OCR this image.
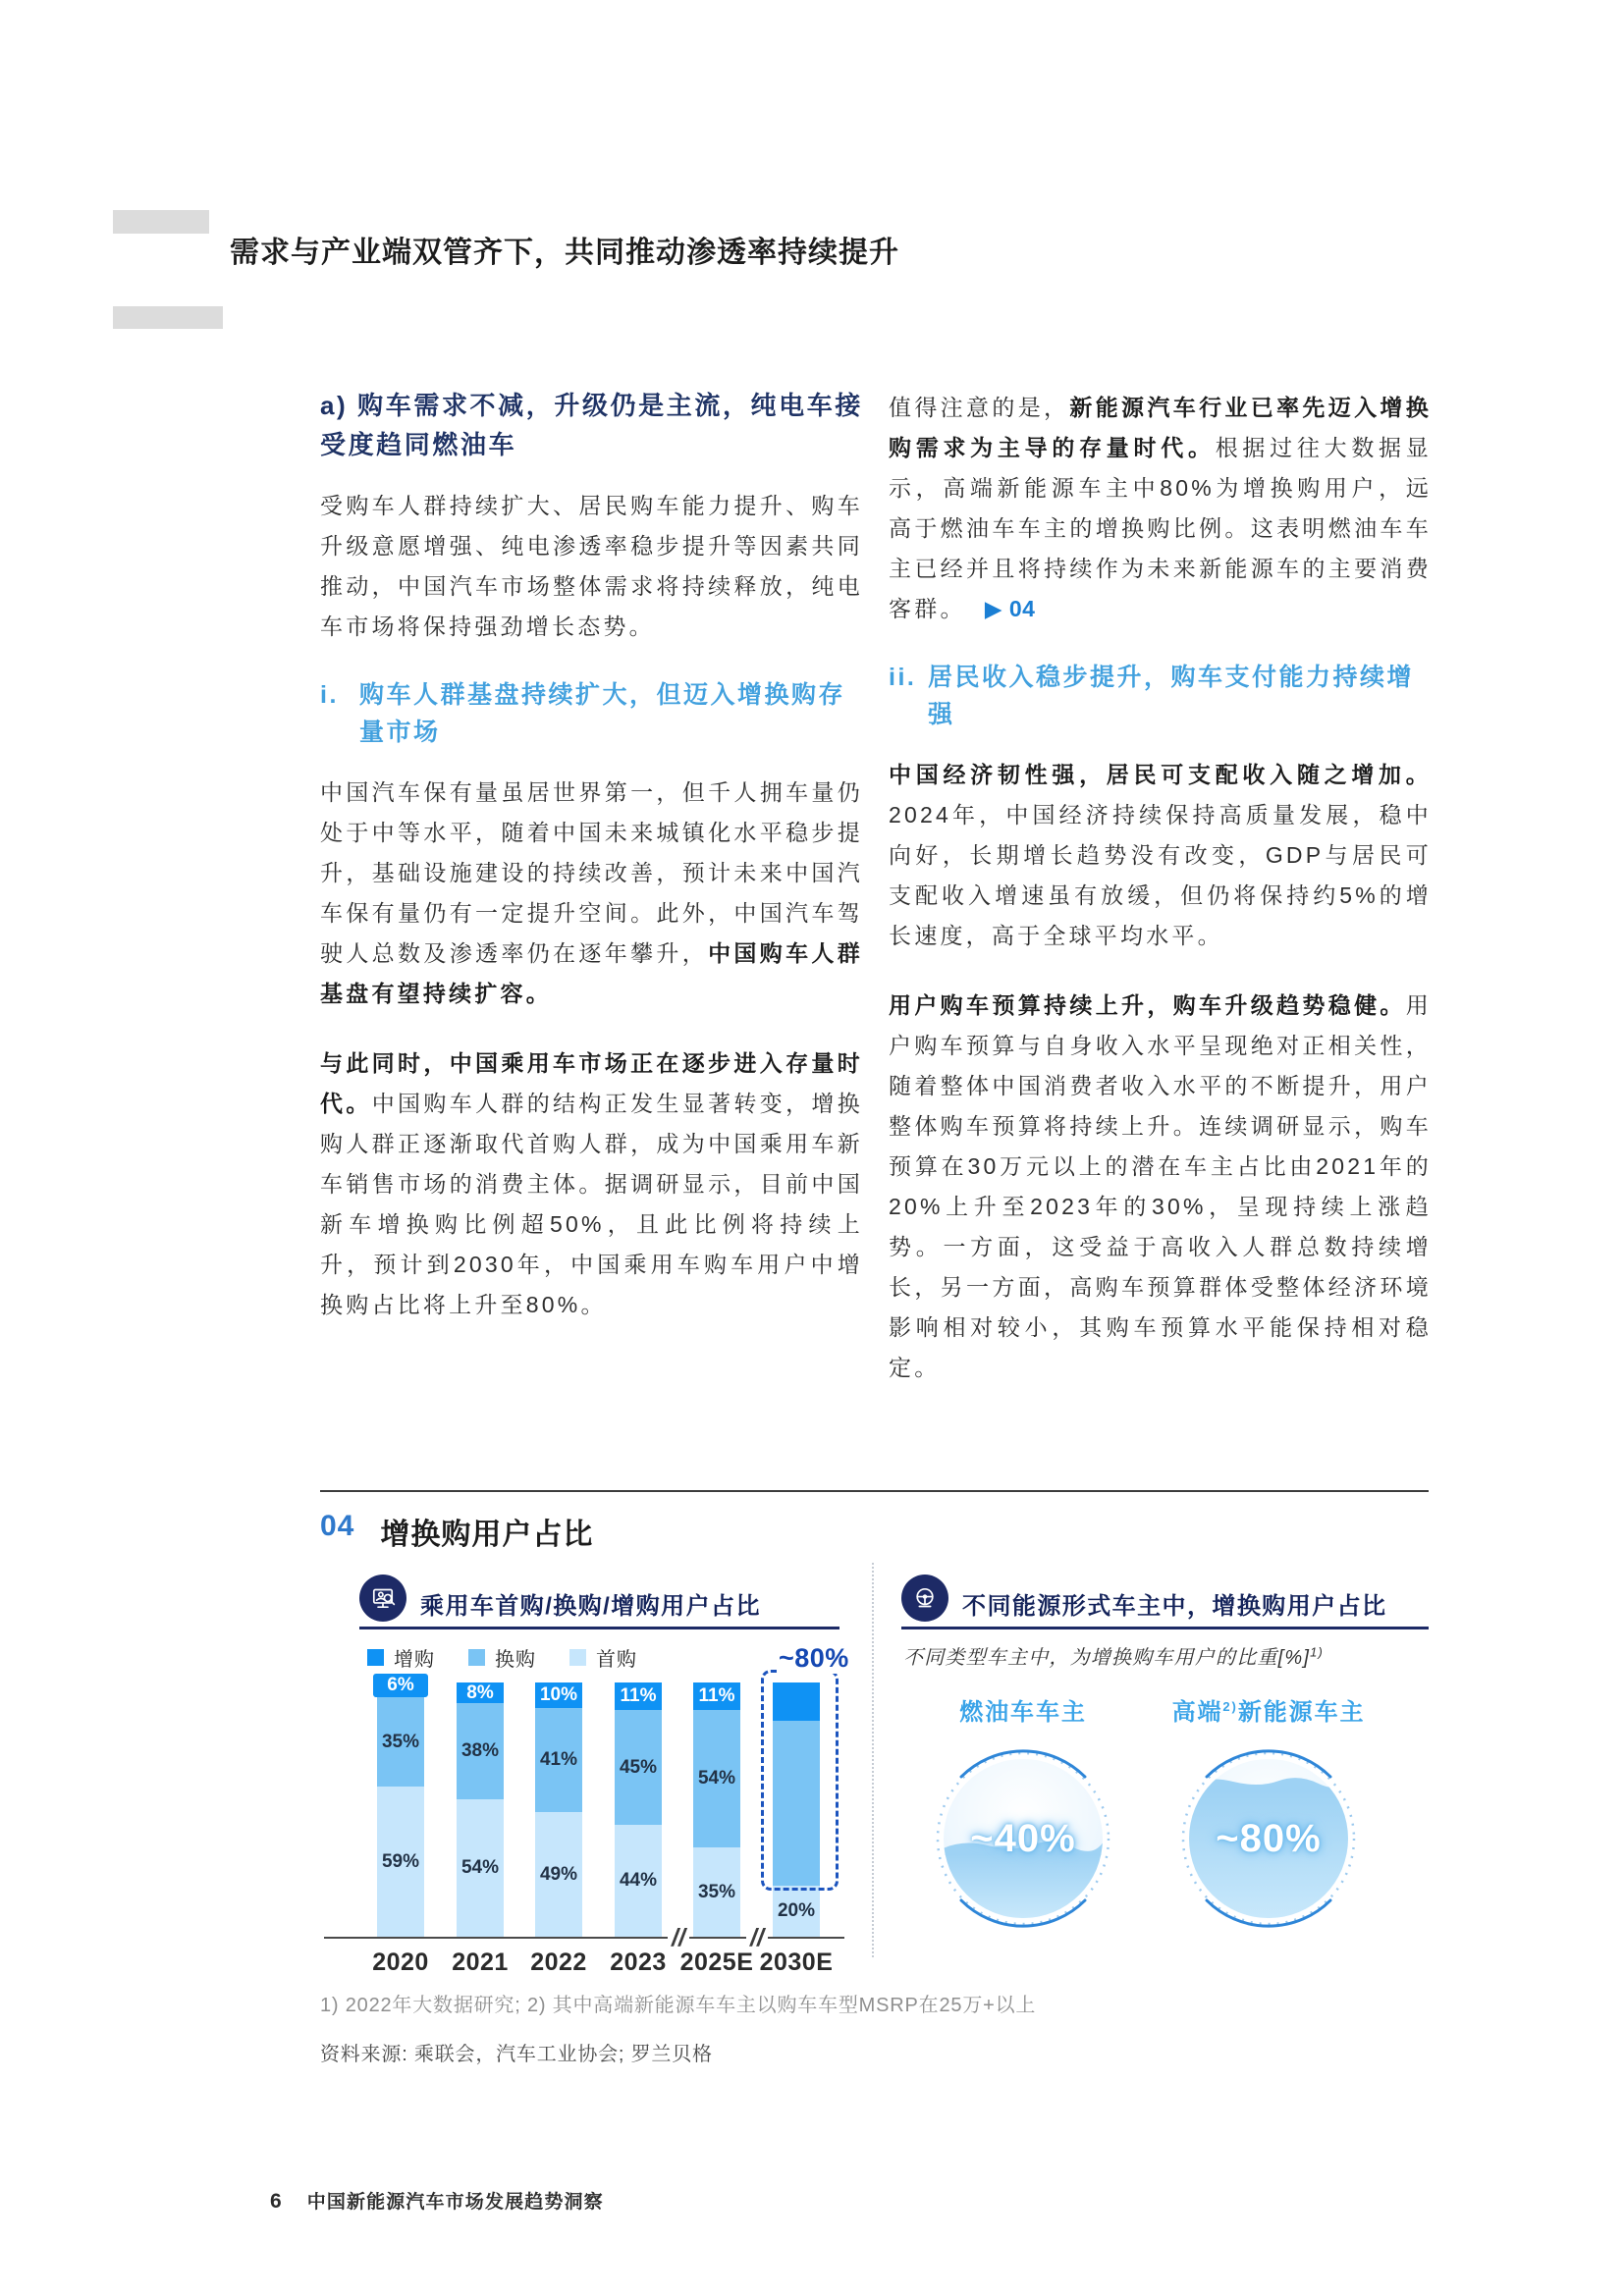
需求与产业端双管齐下，共同推动渗透率持续提升
a) 购车需求不减，升级仍是主流，纯电车接受度趋同燃油车

受购车人群持续扩大、居民购车能力提升、购车升级意愿增强、纯电渗透率稳步提升等因素共同推动，中国汽车市场整体需求将持续释放，纯电车市场将保持强劲增长态势。

i. 购车人群基盘持续扩大，但迈入增换购存量市场

中国汽车保有量虽居世界第一，但千人拥车量仍处于中等水平，随着中国未来城镇化水平稳步提升，基础设施建设的持续改善，预计未来中国汽车保有量仍有一定提升空间。此外，中国汽车驾驶人总数及渗透率仍在逐年攀升，中国购车人群基盘有望持续扩容。

与此同时，中国乘用车市场正在逐步进入存量时代。中国购车人群的结构正发生显著转变，增换购人群正逐渐取代首购人群，成为中国乘用车新车销售市场的消费主体。据调研显示，目前中国新车增换购比例超50%，且此比例将持续上升，预计到2030年，中国乘用车购车用户中增换购占比将上升至80%。

值得注意的是，新能源汽车行业已率先迈入增换购需求为主导的存量时代。根据过往大数据显示，高端新能源车主中80%为增换购用户，远高于燃油车车主的增换购比例。这表明燃油车车主已经并且将持续作为未来新能源车的主要消费客群。 ▶ 04

ii. 居民收入稳步提升，购车支付能力持续增强

中国经济韧性强，居民可支配收入随之增加。2024年，中国经济持续保持高质量发展，稳中向好，长期增长趋势没有改变，GDP与居民可支配收入增速虽有放缓，但仍将保持约5%的增长速度，高于全球平均水平。

用户购车预算持续上升，购车升级趋势稳健。用户购车预算与自身收入水平呈现绝对正相关性，随着整体中国消费者收入水平的不断提升，用户整体购车预算将持续上升。连续调研显示，购车预算在30万元以上的潜在车主占比由2021年的20%上升至2023年的30%，呈现持续上涨趋势。一方面，这受益于高收入人群总数持续增长，另一方面，高购车预算群体受整体经济环境影响相对较小，其购车预算水平能保持相对稳定。

04 增换购用户占比
乘用车首购/换购/增购用户占比
增购	换购	首购
//	//
59%
35%
6%
2020
54%
38%
8%
2021
49%
41%
10%
2022
44%
45%
11%
2023
35%
54%
11%
2025E
20%
2030E
~80%
不同能源形式车主中，增换购用户占比
不同类型车主中，为增换购车用户的比重[%]$^{1)}$
燃油车车主	高端$^{2)}$新能源车主
~40%	~80%
1) 2022年大数据研究; 2) 其中高端新能源车车主以购车车型MSRP在25万+以上
资料来源: 乘联会，汽车工业协会; 罗兰贝格
6 中国新能源汽车市场发展趋势洞察
